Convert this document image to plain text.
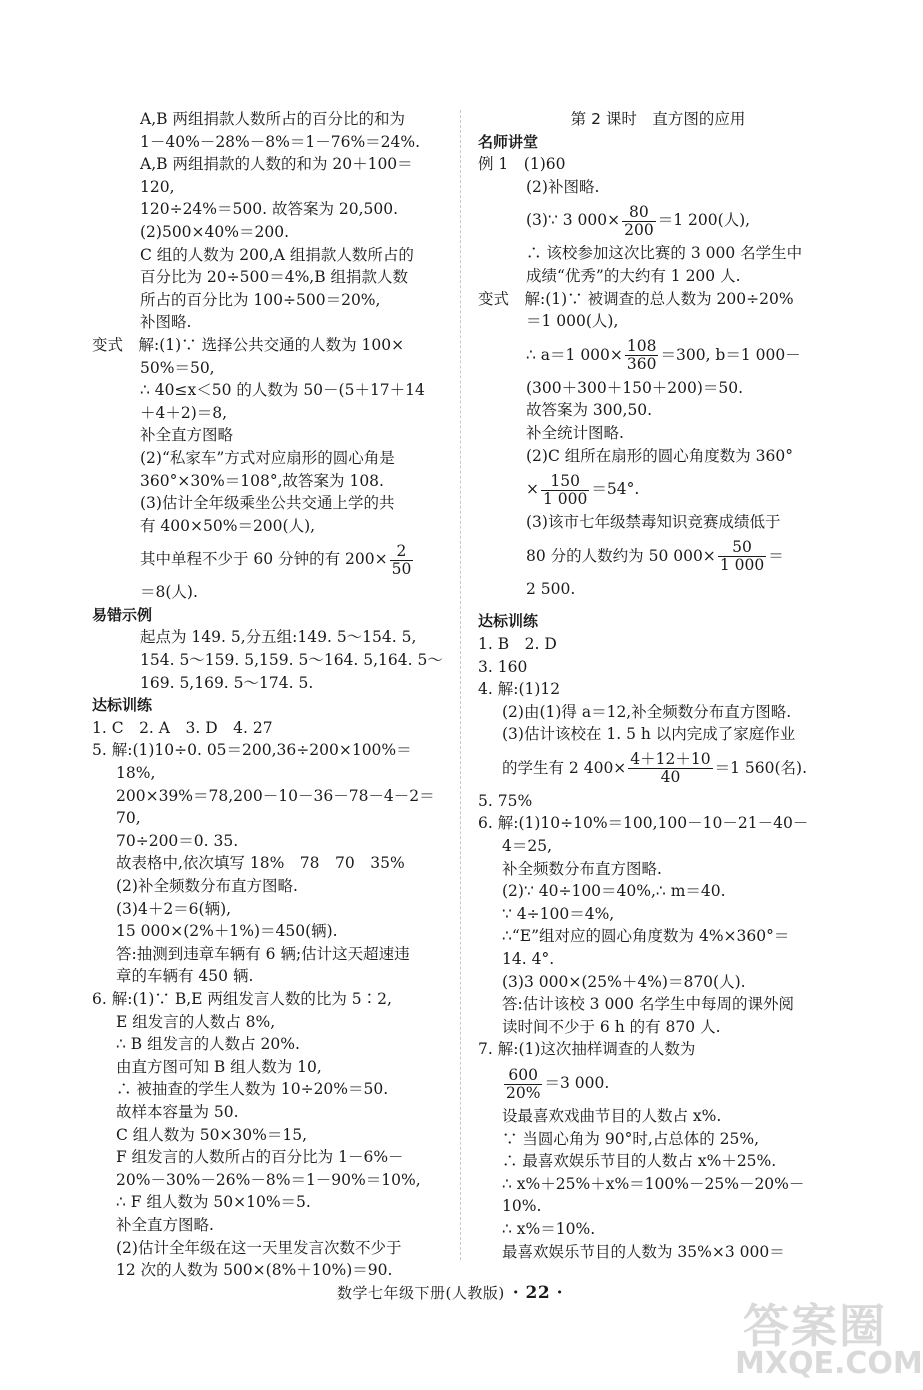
A,B 两组捐款人数所占的百分比的和为
1－40%－28%－8%＝1－76%＝24%.
A,B 两组捐款的人数的和为 20＋100＝
120,
120÷24%＝500. 故答案为 20,500.
(2)500×40%＝200.
C 组的人数为 200,A 组捐款人数所占的
百分比为 20÷500＝4%,B 组捐款人数
所占的百分比为 100÷500＝20%,
补图略.
变式　解:(1)∵ 选择公共交通的人数为 100×
50%＝50,
∴ 40≤x＜50 的人数为 50－(5＋17＋14
＋4＋2)＝8,
补全直方图略
(2)“私家车”方式对应扇形的圆心角是
360°×30%＝108°,故答案为 108.
(3)估计全年级乘坐公共交通上学的共
有 400×50%＝200(人),
其中单程不少于 60 分钟的有 $200\times \frac{2}{50}$
＝8(人).
易错示例
起点为 149. 5,分五组:149. 5～154. 5,
154. 5～159. 5,159. 5～164. 5,164. 5～
169. 5,169. 5～174. 5.
达标训练
1. C　2. A　3. D　4. 27
5. 解:(1)10÷0. 05＝200,36÷200×100%＝
18%,
200×39%＝78,200－10－36－78－4－2＝
70,
70÷200＝0. 35.
故表格中,依次填写 18%　78　70　35%
(2)补全频数分布直方图略.
(3)4＋2＝6(辆),
15 000×(2%＋1%)＝450(辆).
答:抽测到违章车辆有 6 辆;估计这天超速违
章的车辆有 450 辆.
6. 解:(1)∵ B,E 两组发言人数的比为 5∶2,
E 组发言的人数占 8%,
∴ B 组发言的人数占 20%.
由直方图可知 B 组人数为 10,
∴ 被抽查的学生人数为 10÷20%＝50.
故样本容量为 50.
C 组人数为 50×30%＝15,
F 组发言的人数所占的百分比为 1－6%－
20%－30%－26%－8%＝1－90%＝10%,
∴ F 组人数为 50×10%＝5.
补全直方图略.
(2)估计全年级在这一天里发言次数不少于
12 次的人数为 500×(8%＋10%)＝90.
第 2 课时　直方图的应用
名师讲堂
例 1　(1)60
(2)补图略.
(3)∵ 3 $000\times \frac{80}{200} =1$ 200(人),
∴ 该校参加这次比赛的 3 000 名学生中
成绩“优秀”的大约有 1 200 人.
变式　解:(1)∵ 被调查的总人数为 200÷20%
＝1 000(人),
∴ a＝1 $000\times \frac{108}{360} =300$, b＝1 000－
(300＋300＋150＋200)＝50.
故答案为 300,50.
补全统计图略.
(2)C 组所在扇形的圆心角度数为 360°
× $\frac{150}{1 000} =54^\circ$.
(3)该市七年级禁毒知识竞赛成绩低于
80 分的人数约为 50 $000\times \frac{50}{1 000}$ ＝
2 500.
达标训练
1. B　2. D
3. 160
4. 解:(1)12
(2)由(1)得 a＝12,补全频数分布直方图略.
(3)估计该校在 1. 5 h 以内完成了家庭作业
的学生有 2 $400\times \frac{4+12+10}{40} =1$ 560(名).
5. 75%
6. 解:(1)10÷10%＝100,100－10－21－40－
4＝25,
补全频数分布直方图略.
(2)∵ 40÷100＝40%,∴ m＝40.
∵ 4÷100＝4%,
∴“E”组对应的圆心角度数为 4%×360°＝
14. 4°.
(3)3 000×(25%＋4%)＝870(人).
答:估计该校 3 000 名学生中每周的课外阅
读时间不少于 6 h 的有 870 人.
7. 解:(1)这次抽样调查的人数为
$\frac{600}{20\%} =3$ 000.
设最喜欢戏曲节目的人数占 x%.
∵ 当圆心角为 90°时,占总体的 25%,
∴ 最喜欢娱乐节目的人数占 x%＋25%.
∴ x%＋25%＋x%＝100%－25%－20%－
10%.
∴ x%＝10%.
最喜欢娱乐节目的人数为 35%×3 000＝
数学七年级下册(人教版) · 22 ·
答案圈
MXQE.COM
